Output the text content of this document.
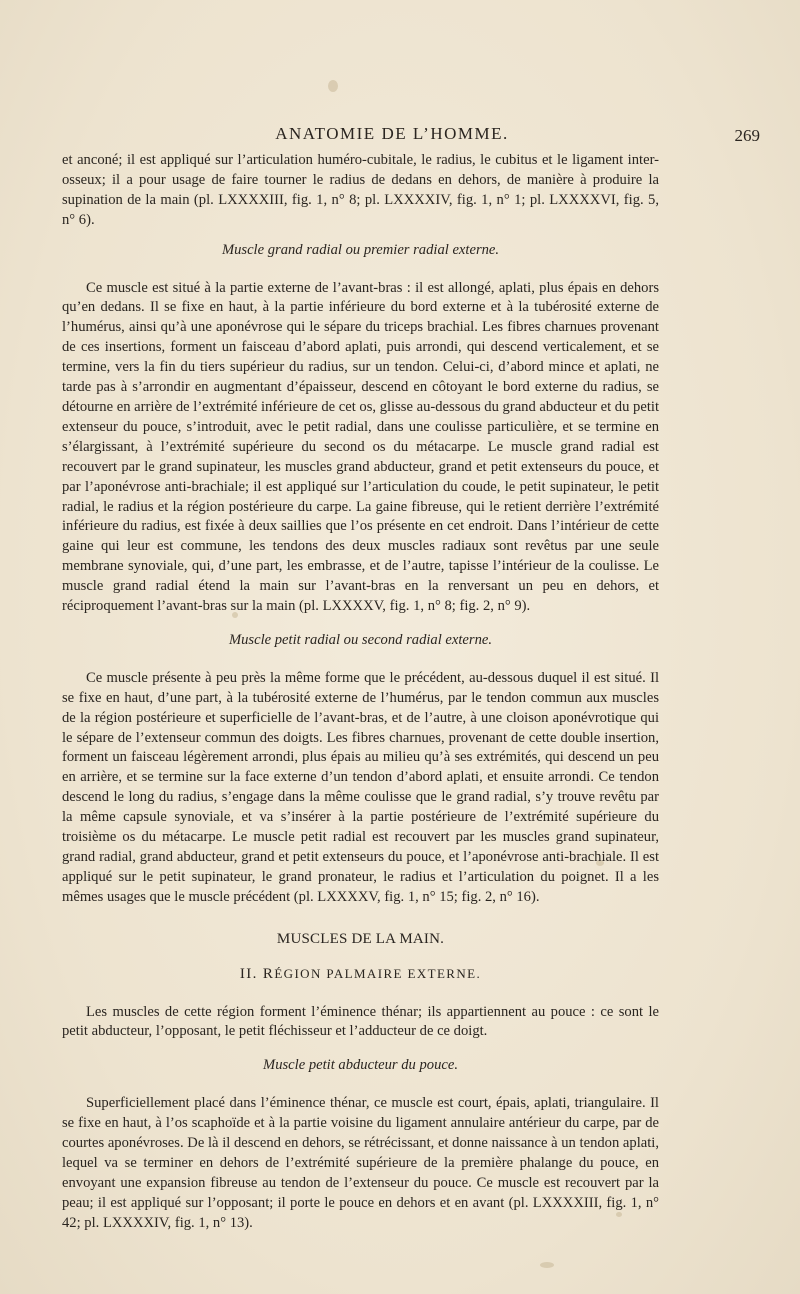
ANATOMIE DE L’HOMME.	269

et anconé; il est appliqué sur l’articulation huméro-cubitale, le radius, le cubitus et le ligament inter-osseux; il a pour usage de faire tourner le radius de dedans en dehors, de manière à produire la supination de la main (pl. LXXXXIII, fig. 1, n° 8; pl. LXXXXIV, fig. 1, n° 1; pl. LXXXXVI, fig. 5, n° 6).

Muscle grand radial ou premier radial externe.

Ce muscle est situé à la partie externe de l’avant-bras : il est allongé, aplati, plus épais en dehors qu’en dedans. Il se fixe en haut, à la partie inférieure du bord externe et à la tubérosité externe de l’humérus, ainsi qu’à une aponévrose qui le sépare du triceps brachial. Les fibres charnues provenant de ces insertions, forment un faisceau d’abord aplati, puis arrondi, qui descend verticalement, et se termine, vers la fin du tiers supérieur du radius, sur un tendon. Celui-ci, d’abord mince et aplati, ne tarde pas à s’arrondir en augmentant d’épaisseur, descend en côtoyant le bord externe du radius, se détourne en arrière de l’extrémité inférieure de cet os, glisse au-dessous du grand abducteur et du petit extenseur du pouce, s’introduit, avec le petit radial, dans une coulisse particulière, et se termine en s’élargissant, à l’extrémité supérieure du second os du métacarpe. Le muscle grand radial est recouvert par le grand supinateur, les muscles grand abducteur, grand et petit extenseurs du pouce, et par l’aponévrose anti-brachiale; il est appliqué sur l’articulation du coude, le petit supinateur, le petit radial, le radius et la région postérieure du carpe. La gaine fibreuse, qui le retient derrière l’extrémité inférieure du radius, est fixée à deux saillies que l’os présente en cet endroit. Dans l’intérieur de cette gaine qui leur est commune, les tendons des deux muscles radiaux sont revêtus par une seule membrane synoviale, qui, d’une part, les embrasse, et de l’autre, tapisse l’intérieur de la coulisse. Le muscle grand radial étend la main sur l’avant-bras en la renversant un peu en dehors, et réciproquement l’avant-bras sur la main (pl. LXXXXV, fig. 1, n° 8; fig. 2, n° 9).

Muscle petit radial ou second radial externe.

Ce muscle présente à peu près la même forme que le précédent, au-dessous duquel il est situé. Il se fixe en haut, d’une part, à la tubérosité externe de l’humérus, par le tendon commun aux muscles de la région postérieure et superficielle de l’avant-bras, et de l’autre, à une cloison aponévrotique qui le sépare de l’extenseur commun des doigts. Les fibres charnues, provenant de cette double insertion, forment un faisceau légèrement arrondi, plus épais au milieu qu’à ses extrémités, qui descend un peu en arrière, et se termine sur la face externe d’un tendon d’abord aplati, et ensuite arrondi. Ce tendon descend le long du radius, s’engage dans la même coulisse que le grand radial, s’y trouve revêtu par la même capsule synoviale, et va s’insérer à la partie postérieure de l’extrémité supérieure du troisième os du métacarpe. Le muscle petit radial est recouvert par les muscles grand supinateur, grand radial, grand abducteur, grand et petit extenseurs du pouce, et l’aponévrose anti-brachiale. Il est appliqué sur le petit supinateur, le grand pronateur, le radius et l’articulation du poignet. Il a les mêmes usages que le muscle précédent (pl. LXXXXV, fig. 1, n° 15; fig. 2, n° 16).

MUSCLES DE LA MAIN.

II. RÉGION PALMAIRE EXTERNE.

Les muscles de cette région forment l’éminence thénar; ils appartiennent au pouce : ce sont le petit abducteur, l’opposant, le petit fléchisseur et l’adducteur de ce doigt.

Muscle petit abducteur du pouce.

Superficiellement placé dans l’éminence thénar, ce muscle est court, épais, aplati, triangulaire. Il se fixe en haut, à l’os scaphoïde et à la partie voisine du ligament annulaire antérieur du carpe, par de courtes aponévroses. De là il descend en dehors, se rétrécissant, et donne naissance à un tendon aplati, lequel va se terminer en dehors de l’extrémité supérieure de la première phalange du pouce, en envoyant une expansion fibreuse au tendon de l’extenseur du pouce. Ce muscle est recouvert par la peau; il est appliqué sur l’opposant; il porte le pouce en dehors et en avant (pl. LXXXXIII, fig. 1, n° 42; pl. LXXXXIV, fig. 1, n° 13).
